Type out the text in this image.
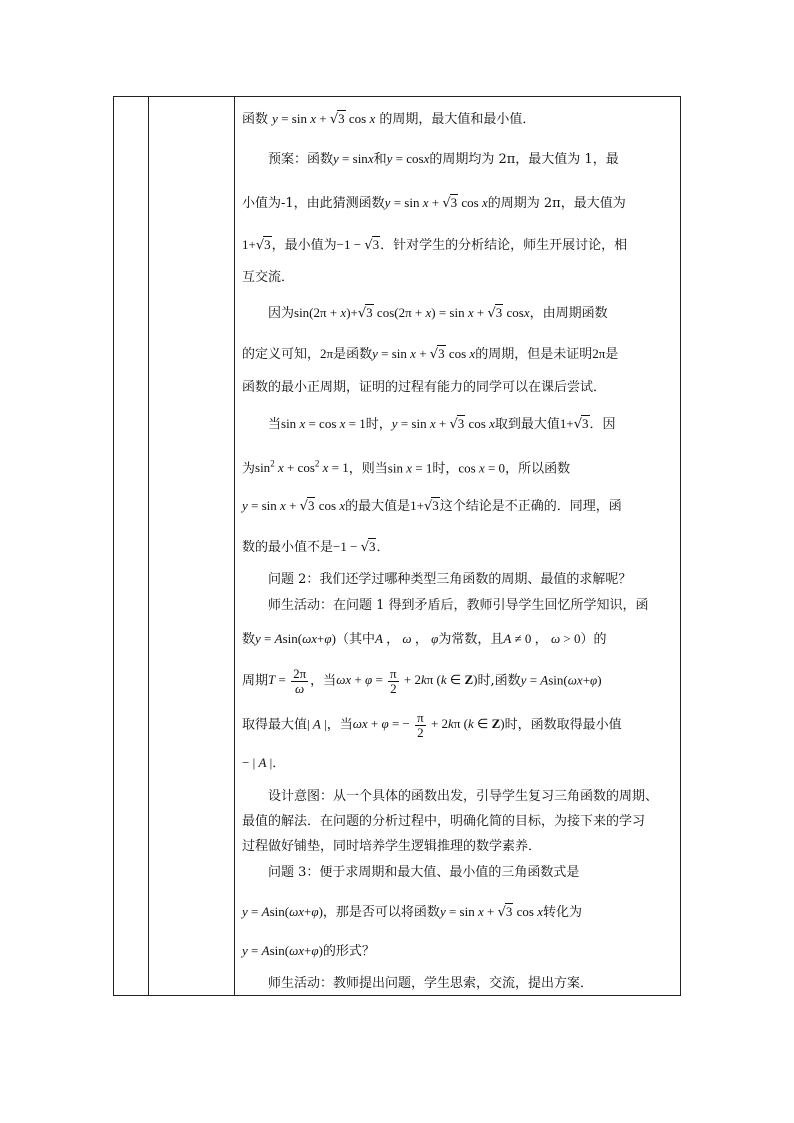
函数 y = sin x + √3 cos x 的周期，最大值和最小值．
预案：函数y = sinx和y = cosx的周期均为 2π，最大值为 1，最
小值为-1，由此猜测函数y = sin x + √3 cos x的周期为 2π，最大值为
1+√3，最小值为−1 − √3．针对学生的分析结论，师生开展讨论，相
互交流．
因为sin(2π + x)+√3 cos(2π + x) = sin x + √3 cosx，由周期函数
的定义可知，2π是函数y = sin x + √3 cos x的周期，但是未证明2π是
函数的最小正周期，证明的过程有能力的同学可以在课后尝试．
当sin x = cos x = 1时，y = sin x + √3 cos x取到最大值1+√3．因
为$\sin^2 x + \cos^2 x = 1$，则当sin x = 1时，cos x = 0，所以函数
y = sin x + √3 cos x的最大值是1+√3这个结论是不正确的．同理，函
数的最小值不是−1 − √3．
问题 2：我们还学过哪种类型三角函数的周期、最值的求解呢？
师生活动：在问题 1 得到矛盾后，教师引导学生回忆所学知识，函
数y = Asin(ωx+φ)（其中A ， ω ， φ为常数，且A ≠ 0 ， ω > 0）的
周期$T = \frac{2\pi}{\omega}$ ，当$\omega x + \varphi = \frac{\pi}{2} + 2k\pi$ (k ∈ Z)时,函数y = Asin(ωx+φ)
取得最大值| A |，当ωx + φ = − $\frac{\pi}{2} + 2k\pi$ (k ∈ Z)时，函数取得最小值
− | A |．
设计意图：从一个具体的函数出发，引导学生复习三角函数的周期、
最值的解法．在问题的分析过程中，明确化简的目标，为接下来的学习
过程做好铺垫，同时培养学生逻辑推理的数学素养．
问题 3：便于求周期和最大值、最小值的三角函数式是
y = Asin(ωx+φ)，那是否可以将函数y = sin x + √3 cos x转化为
y = Asin(ωx+φ)的形式？
师生活动：教师提出问题，学生思索，交流，提出方案．
